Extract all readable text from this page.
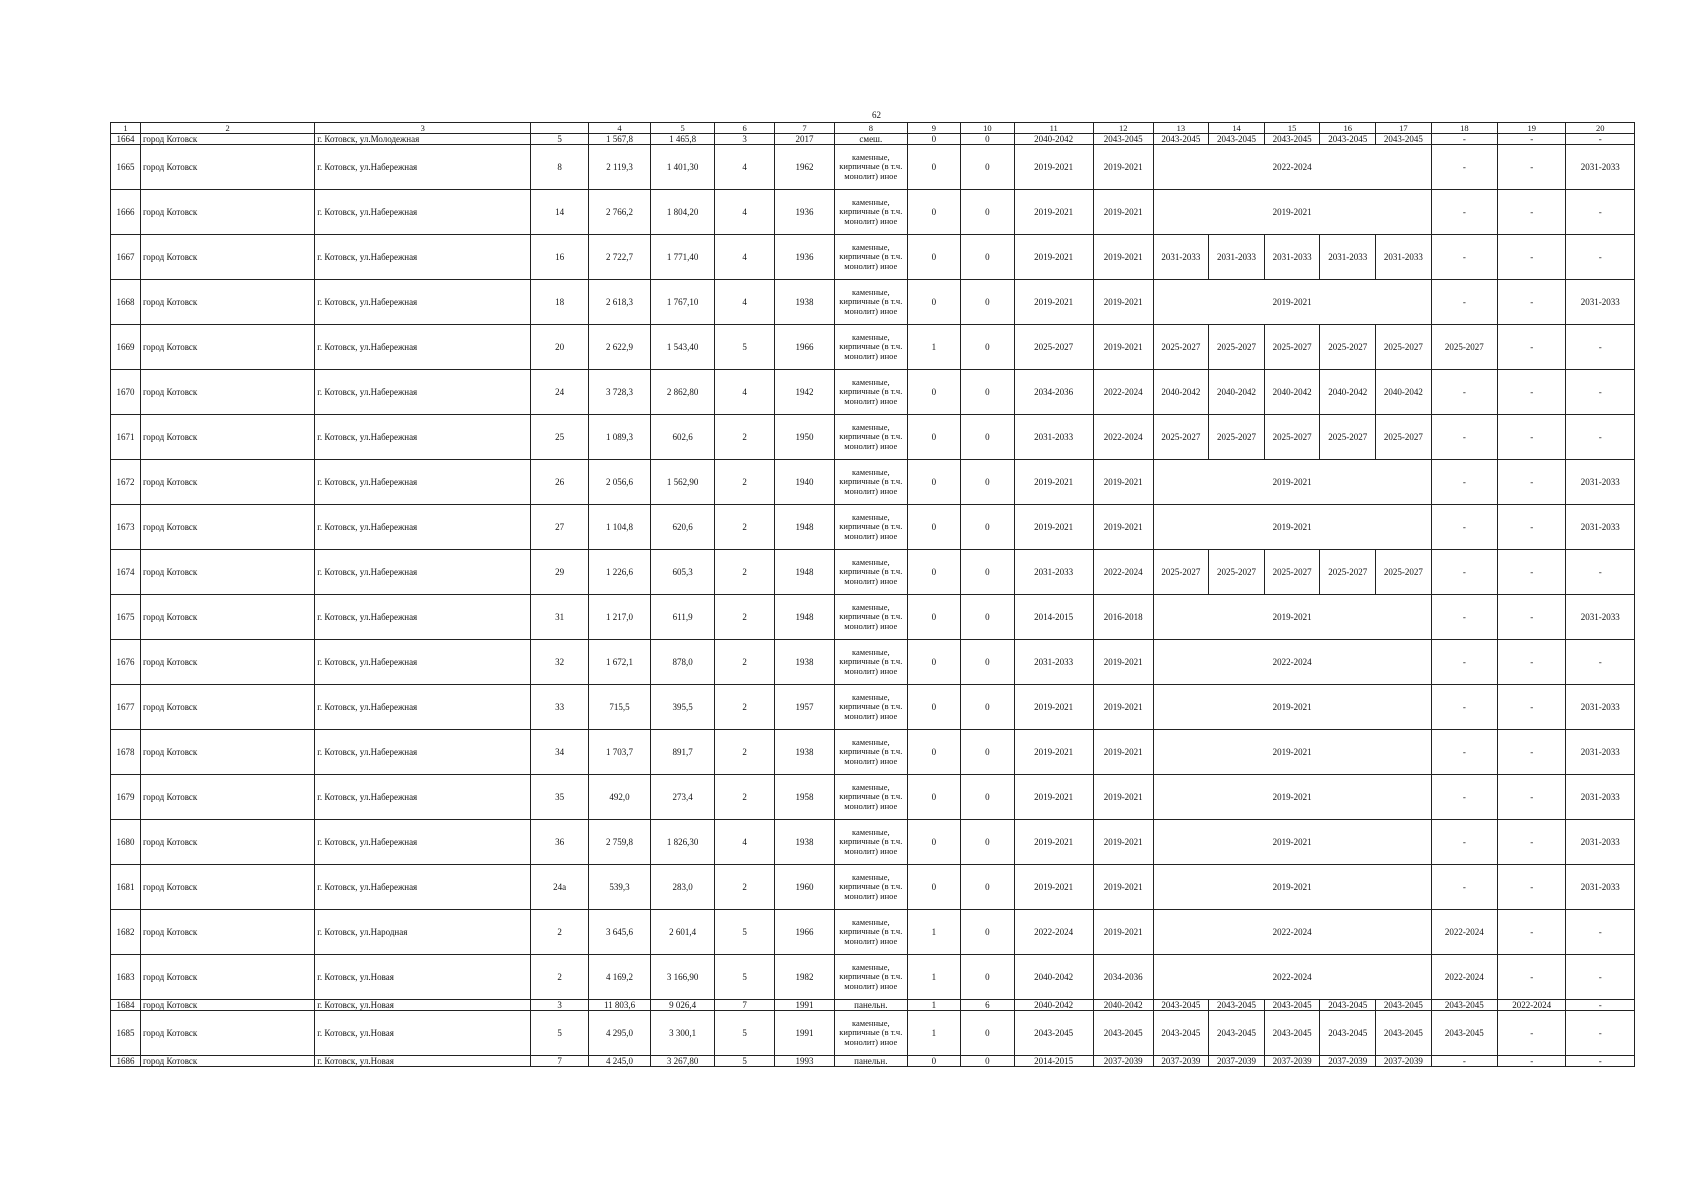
62
1	2	3		4	5	6	7	8	9	10	11	12	13	14	15	16	17	18	19	20
1664	город Котовск	г. Котовск, ул.Молодежная	5	1 567,8	1 465,8	3	2017	смеш.	0	0	2040-2042	2043-2045	2043-2045	2043-2045	2043-2045	2043-2045	2043-2045	-	-	-
1665	город Котовск	г. Котовск, ул.Набережная	8	2 119,3	1 401,30	4	1962	каменные, кирпичные (в т.ч. монолит) иное	0	0	2019-2021	2019-2021	2022-2024					-	-	2031-2033
1666	город Котовск	г. Котовск, ул.Набережная	14	2 766,2	1 804,20	4	1936	каменные, кирпичные (в т.ч. монолит) иное	0	0	2019-2021	2019-2021	2019-2021					-	-	-
1667	город Котовск	г. Котовск, ул.Набережная	16	2 722,7	1 771,40	4	1936	каменные, кирпичные (в т.ч. монолит) иное	0	0	2019-2021	2019-2021	2031-2033	2031-2033	2031-2033	2031-2033	2031-2033	-	-	-
1668	город Котовск	г. Котовск, ул.Набережная	18	2 618,3	1 767,10	4	1938	каменные, кирпичные (в т.ч. монолит) иное	0	0	2019-2021	2019-2021	2019-2021					-	-	2031-2033
1669	город Котовск	г. Котовск, ул.Набережная	20	2 622,9	1 543,40	5	1966	каменные, кирпичные (в т.ч. монолит) иное	1	0	2025-2027	2019-2021	2025-2027	2025-2027	2025-2027	2025-2027	2025-2027	2025-2027	-	-
1670	город Котовск	г. Котовск, ул.Набережная	24	3 728,3	2 862,80	4	1942	каменные, кирпичные (в т.ч. монолит) иное	0	0	2034-2036	2022-2024	2040-2042	2040-2042	2040-2042	2040-2042	2040-2042	-	-	-
1671	город Котовск	г. Котовск, ул.Набережная	25	1 089,3	602,6	2	1950	каменные, кирпичные (в т.ч. монолит) иное	0	0	2031-2033	2022-2024	2025-2027	2025-2027	2025-2027	2025-2027	2025-2027	-	-	-
1672	город Котовск	г. Котовск, ул.Набережная	26	2 056,6	1 562,90	2	1940	каменные, кирпичные (в т.ч. монолит) иное	0	0	2019-2021	2019-2021	2019-2021					-	-	2031-2033
1673	город Котовск	г. Котовск, ул.Набережная	27	1 104,8	620,6	2	1948	каменные, кирпичные (в т.ч. монолит) иное	0	0	2019-2021	2019-2021	2019-2021					-	-	2031-2033
1674	город Котовск	г. Котовск, ул.Набережная	29	1 226,6	605,3	2	1948	каменные, кирпичные (в т.ч. монолит) иное	0	0	2031-2033	2022-2024	2025-2027	2025-2027	2025-2027	2025-2027	2025-2027	-	-	-
1675	город Котовск	г. Котовск, ул.Набережная	31	1 217,0	611,9	2	1948	каменные, кирпичные (в т.ч. монолит) иное	0	0	2014-2015	2016-2018	2019-2021					-	-	2031-2033
1676	город Котовск	г. Котовск, ул.Набережная	32	1 672,1	878,0	2	1938	каменные, кирпичные (в т.ч. монолит) иное	0	0	2031-2033	2019-2021	2022-2024					-	-	-
1677	город Котовск	г. Котовск, ул.Набережная	33	715,5	395,5	2	1957	каменные, кирпичные (в т.ч. монолит) иное	0	0	2019-2021	2019-2021	2019-2021					-	-	2031-2033
1678	город Котовск	г. Котовск, ул.Набережная	34	1 703,7	891,7	2	1938	каменные, кирпичные (в т.ч. монолит) иное	0	0	2019-2021	2019-2021	2019-2021					-	-	2031-2033
1679	город Котовск	г. Котовск, ул.Набережная	35	492,0	273,4	2	1958	каменные, кирпичные (в т.ч. монолит) иное	0	0	2019-2021	2019-2021	2019-2021					-	-	2031-2033
1680	город Котовск	г. Котовск, ул.Набережная	36	2 759,8	1 826,30	4	1938	каменные, кирпичные (в т.ч. монолит) иное	0	0	2019-2021	2019-2021	2019-2021					-	-	2031-2033
1681	город Котовск	г. Котовск, ул.Набережная	24а	539,3	283,0	2	1960	каменные, кирпичные (в т.ч. монолит) иное	0	0	2019-2021	2019-2021	2019-2021					-	-	2031-2033
1682	город Котовск	г. Котовск, ул.Народная	2	3 645,6	2 601,4	5	1966	каменные, кирпичные (в т.ч. монолит) иное	1	0	2022-2024	2019-2021	2022-2024					2022-2024	-	-
1683	город Котовск	г. Котовск, ул.Новая	2	4 169,2	3 166,90	5	1982	каменные, кирпичные (в т.ч. монолит) иное	1	0	2040-2042	2034-2036	2022-2024					2022-2024	-	-
1684	город Котовск	г. Котовск, ул.Новая	3	11 803,6	9 026,4	7	1991	панельн.	1	6	2040-2042	2040-2042	2043-2045	2043-2045	2043-2045	2043-2045	2043-2045	2043-2045	2022-2024	-
1685	город Котовск	г. Котовск, ул.Новая	5	4 295,0	3 300,1	5	1991	каменные, кирпичные (в т.ч. монолит) иное	1	0	2043-2045	2043-2045	2043-2045	2043-2045	2043-2045	2043-2045	2043-2045	2043-2045	-	-
1686	город Котовск	г. Котовск, ул.Новая	7	4 245,0	3 267,80	5	1993	панельн.	0	0	2014-2015	2037-2039	2037-2039	2037-2039	2037-2039	2037-2039	2037-2039	-	-	-
